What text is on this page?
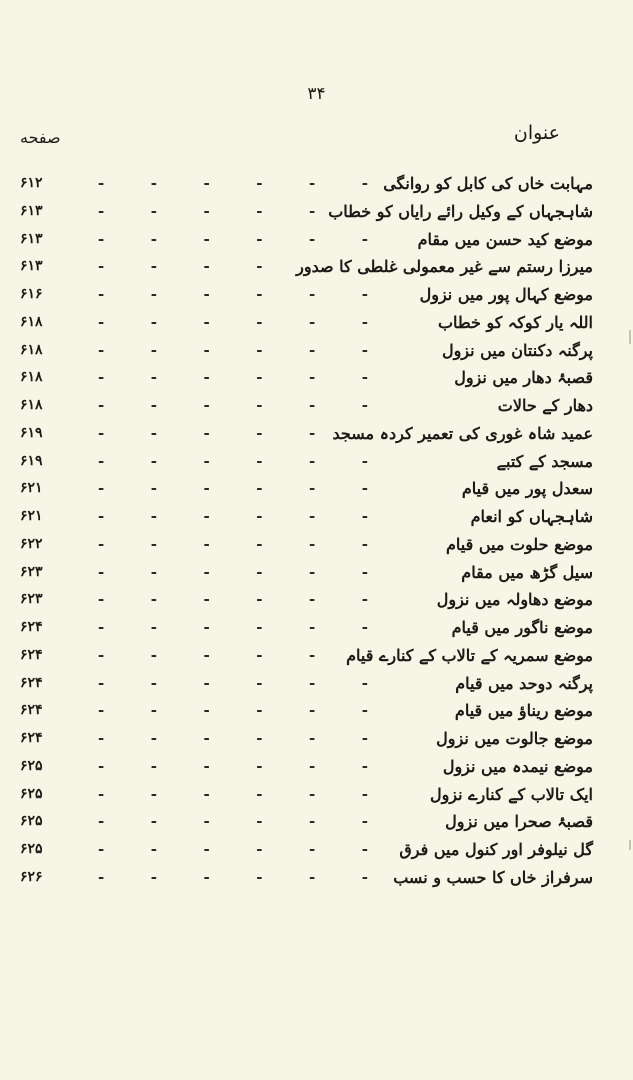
۳۴
عنوان
صفحه
مہابت خاں کی کابل کو روانگی
-
-
-
-
-
-
۶۱۲
شاہجہاں کے وکیل رائے رایاں کو خطاب
-
-
-
-
-
۶۱۳
موضع کید حسن میں مقام
-
-
-
-
-
-
۶۱۳
میرزا رستم سے غیر معمولی غلطی کا صدور
-
-
-
-
۶۱۳
موضع کہال پور میں نزول
-
-
-
-
-
-
۶۱۶
اللہ یار کوکہ کو خطاب
-
-
-
-
-
-
۶۱۸
پرگنہ دکنتان میں نزول
-
-
-
-
-
-
۶۱۸
قصبۂ دھار میں نزول
-
-
-
-
-
-
۶۱۸
دھار کے حالات
-
-
-
-
-
-
۶۱۸
عمید شاہ غوری کی تعمیر کردہ مسجد
-
-
-
-
-
۶۱۹
مسجد کے کتبے
-
-
-
-
-
-
۶۱۹
سعدل پور میں قیام
-
-
-
-
-
-
۶۲۱
شاہجہاں کو انعام
-
-
-
-
-
-
۶۲۱
موضع حلوت میں قیام
-
-
-
-
-
-
۶۲۲
سیل گڑھ میں مقام
-
-
-
-
-
-
۶۲۳
موضع دھاولہ میں نزول
-
-
-
-
-
-
۶۲۳
موضع ناگور میں قیام
-
-
-
-
-
-
۶۲۴
موضع سمریہ کے تالاب کے کنارے قیام
-
-
-
-
-
۶۲۴
پرگنہ دوحد میں قیام
-
-
-
-
-
-
۶۲۴
موضع ریناؤ میں قیام
-
-
-
-
-
-
۶۲۴
موضع جالوت میں نزول
-
-
-
-
-
-
۶۲۴
موضع نیمدہ میں نزول
-
-
-
-
-
-
۶۲۵
ایک تالاب کے کنارے نزول
-
-
-
-
-
-
۶۲۵
قصبۂ صحرا میں نزول
-
-
-
-
-
-
۶۲۵
گل نیلوفر اور کنول میں فرق
-
-
-
-
-
-
۶۲۵
سرفراز خاں کا حسب و نسب
-
-
-
-
-
-
۶۲۶
